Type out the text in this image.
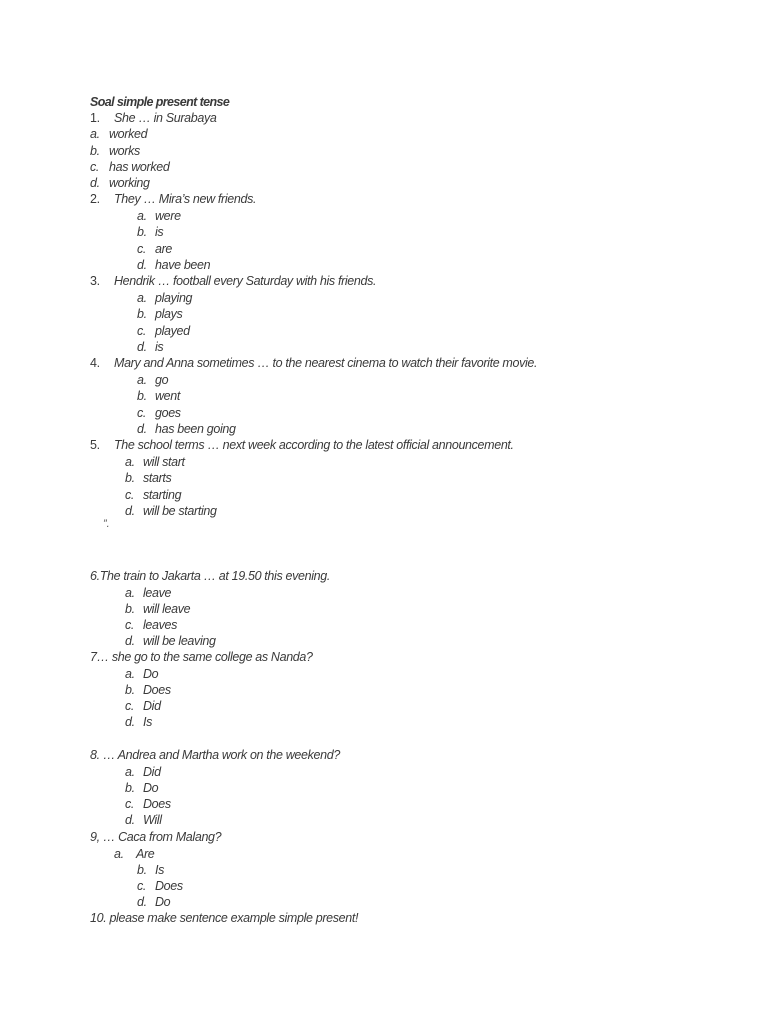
Soal simple present tense
1. She … in Surabaya
a. worked
b. works
c. has worked
d. working
2. They … Mira’s new friends.
a. were
b. is
c. are
d. have been
3. Hendrik … football every Saturday with his friends.
a. playing
b. plays
c. played
d. is
4. Mary and Anna sometimes … to the nearest cinema to watch their favorite movie.
a. go
b. went
c. goes
d. has been going
5. The school terms … next week according to the latest official announcement.
a. will start
b. starts
c. starting
d. will be starting
”.
6.The train to Jakarta … at 19.50 this evening.
a. leave
b. will leave
c. leaves
d. will be leaving
7… she go to the same college as Nanda?
a. Do
b. Does
c. Did
d. Is
8. … Andrea and Martha work on the weekend?
a. Did
b. Do
c. Does
d. Will
9, … Caca from Malang?
a. Are
b. Is
c. Does
d. Do
10. please make sentence example simple present!
